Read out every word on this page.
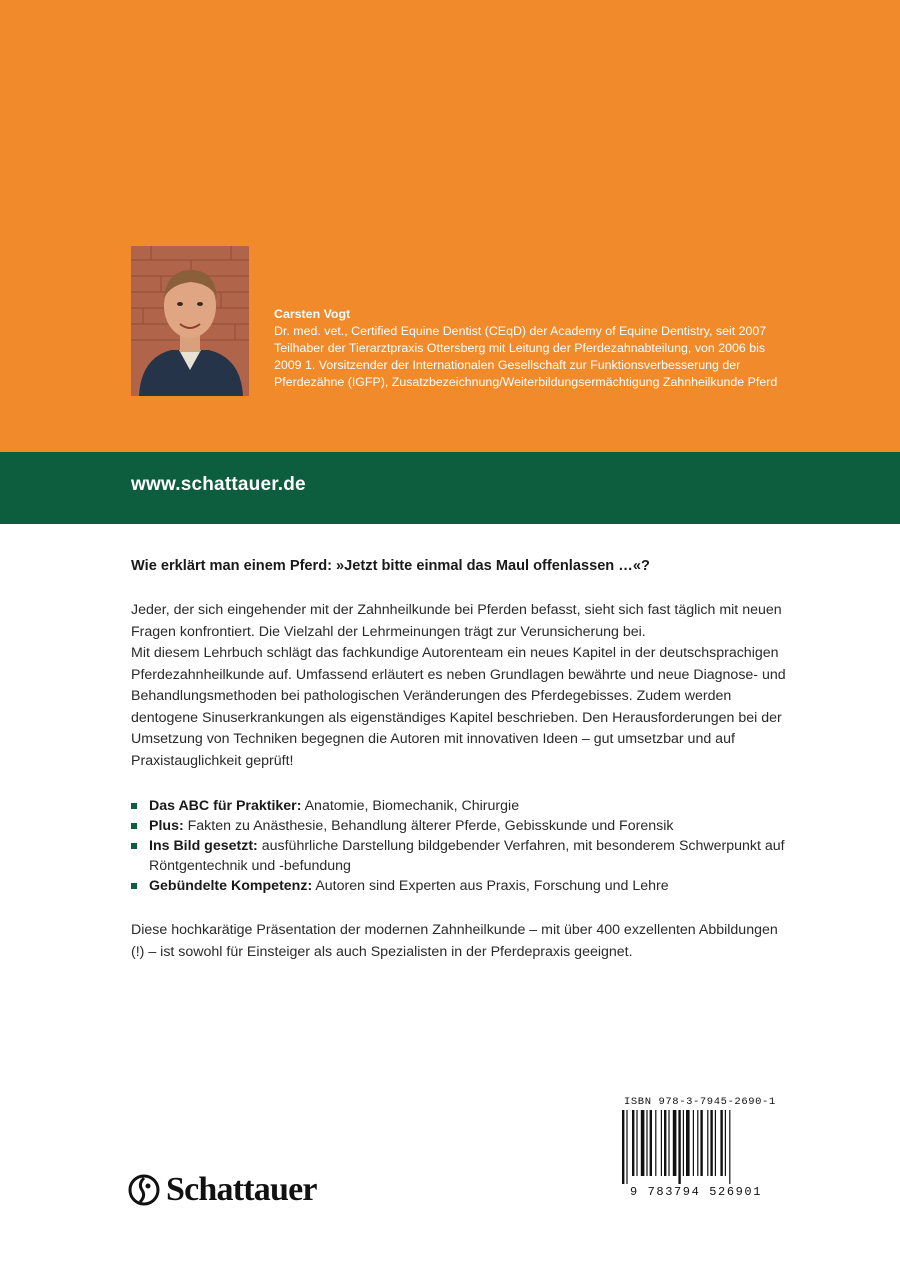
Carsten Vogt
Dr. med. vet., Certified Equine Dentist (CEqD) der Academy of Equine Dentistry, seit 2007 Teilhaber der Tierarztpraxis Ottersberg mit Leitung der Pferdezahnabteilung, von 2006 bis 2009 1. Vorsitzender der Internationalen Gesellschaft zur Funktionsverbesserung der Pferdezähne (IGFP), Zusatzbezeichnung/Weiterbildungsermächtigung Zahnheilkunde Pferd
www.schattauer.de
Wie erklärt man einem Pferd: »Jetzt bitte einmal das Maul offenlassen …«?

Jeder, der sich eingehender mit der Zahnheilkunde bei Pferden befasst, sieht sich fast täglich mit neuen Fragen konfrontiert. Die Vielzahl der Lehrmeinungen trägt zur Verunsicherung bei.

Mit diesem Lehrbuch schlägt das fachkundige Autorenteam ein neues Kapitel in der deutschsprachigen Pferdezahnheilkunde auf. Umfassend erläutert es neben Grundlagen bewährte und neue Diagnose- und Behandlungsmethoden bei pathologischen Veränderungen des Pferdegebisses. Zudem werden dentogene Sinuserkrankungen als eigenständiges Kapitel beschrieben. Den Herausforderungen bei der Umsetzung von Techniken begegnen die Autoren mit innovativen Ideen – gut umsetzbar und auf Praxistauglichkeit geprüft!

Das ABC für Praktiker: Anatomie, Biomechanik, Chirurgie
Plus: Fakten zu Anästhesie, Behandlung älterer Pferde, Gebisskunde und Forensik
Ins Bild gesetzt: ausführliche Darstellung bildgebender Verfahren, mit besonderem Schwerpunkt auf Röntgentechnik und -befundung
Gebündelte Kompetenz: Autoren sind Experten aus Praxis, Forschung und Lehre
Diese hochkarätige Präsentation der modernen Zahnheilkunde – mit über 400 exzellenten Abbildungen (!) – ist sowohl für Einsteiger als auch Spezialisten in der Pferdepraxis geeignet.
Schattauer
ISBN 978-3-7945-2690-1
9 783794 526901
